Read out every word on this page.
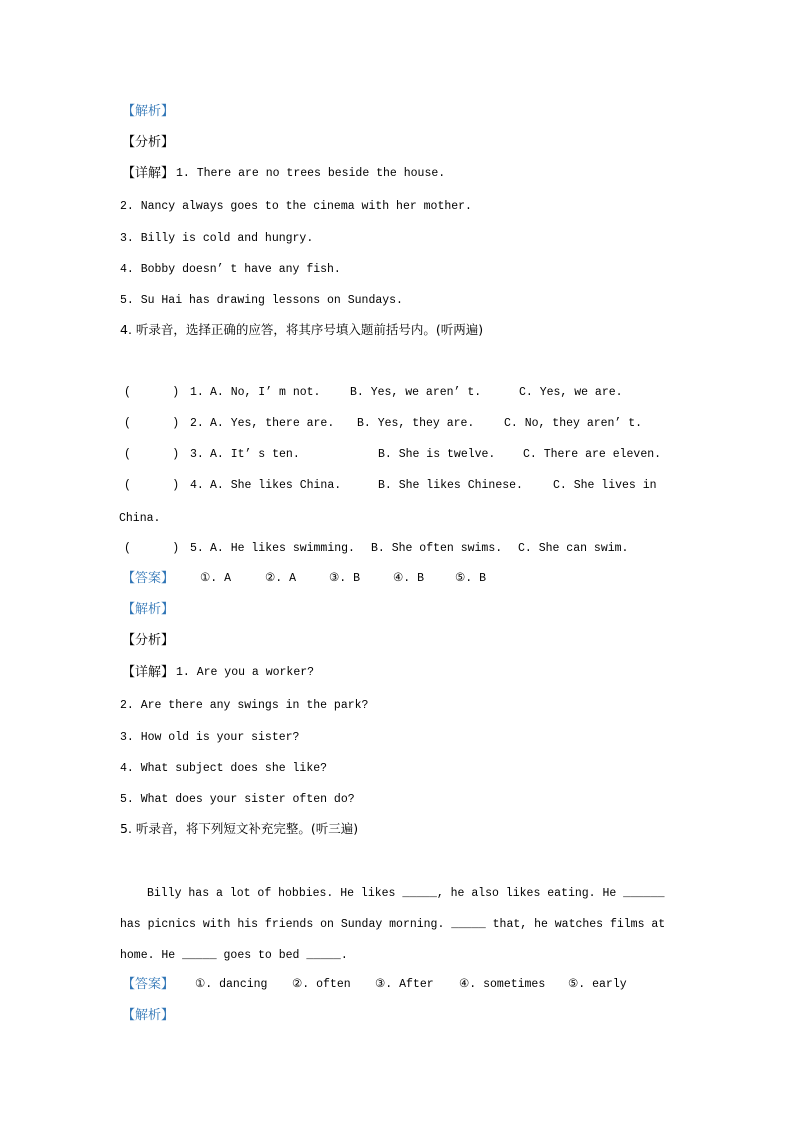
【解析】
【分析】
【详解】 1. There are no trees beside the house.
2. Nancy always goes to the cinema with her mother.
3. Billy is cold and hungry.
4. Bobby doesn’ t have any fish.
5. Su Hai has drawing lessons on Sundays.
4. 听录音，选择正确的应答，将其序号填入题前括号内。(听两遍)
(      ) 1. A. No, I’ m not.	B. Yes, we aren’ t.	C. Yes, we are.
(      ) 2. A. Yes, there are. B. Yes, they are.	C. No, they aren’ t.
(      ) 3. A. It’ s ten.	B. She is twelve. C. There are eleven.
(      ) 4. A. She likes China.	B. She likes Chinese.	C. She lives in
China.
(      ) 5. A. He likes swimming. B. She often swims. C. She can swim.
【答案】 ①. A	②. A	③. B	④. B	⑤. B
【解析】
【分析】
【详解】 1. Are you a worker?
2. Are there any swings in the park?
3. How old is your sister?
4. What subject does she like?
5. What does your sister often do?
5. 听录音，将下列短文补充完整。(听三遍)
Billy has a lot of hobbies. He likes _____, he also likes eating. He ______
has picnics with his friends on Sunday morning. _____ that, he watches films at
home. He _____ goes to bed _____.
【答案】 ①. dancing ②. often ③. After ④. sometimes ⑤. early
【解析】
